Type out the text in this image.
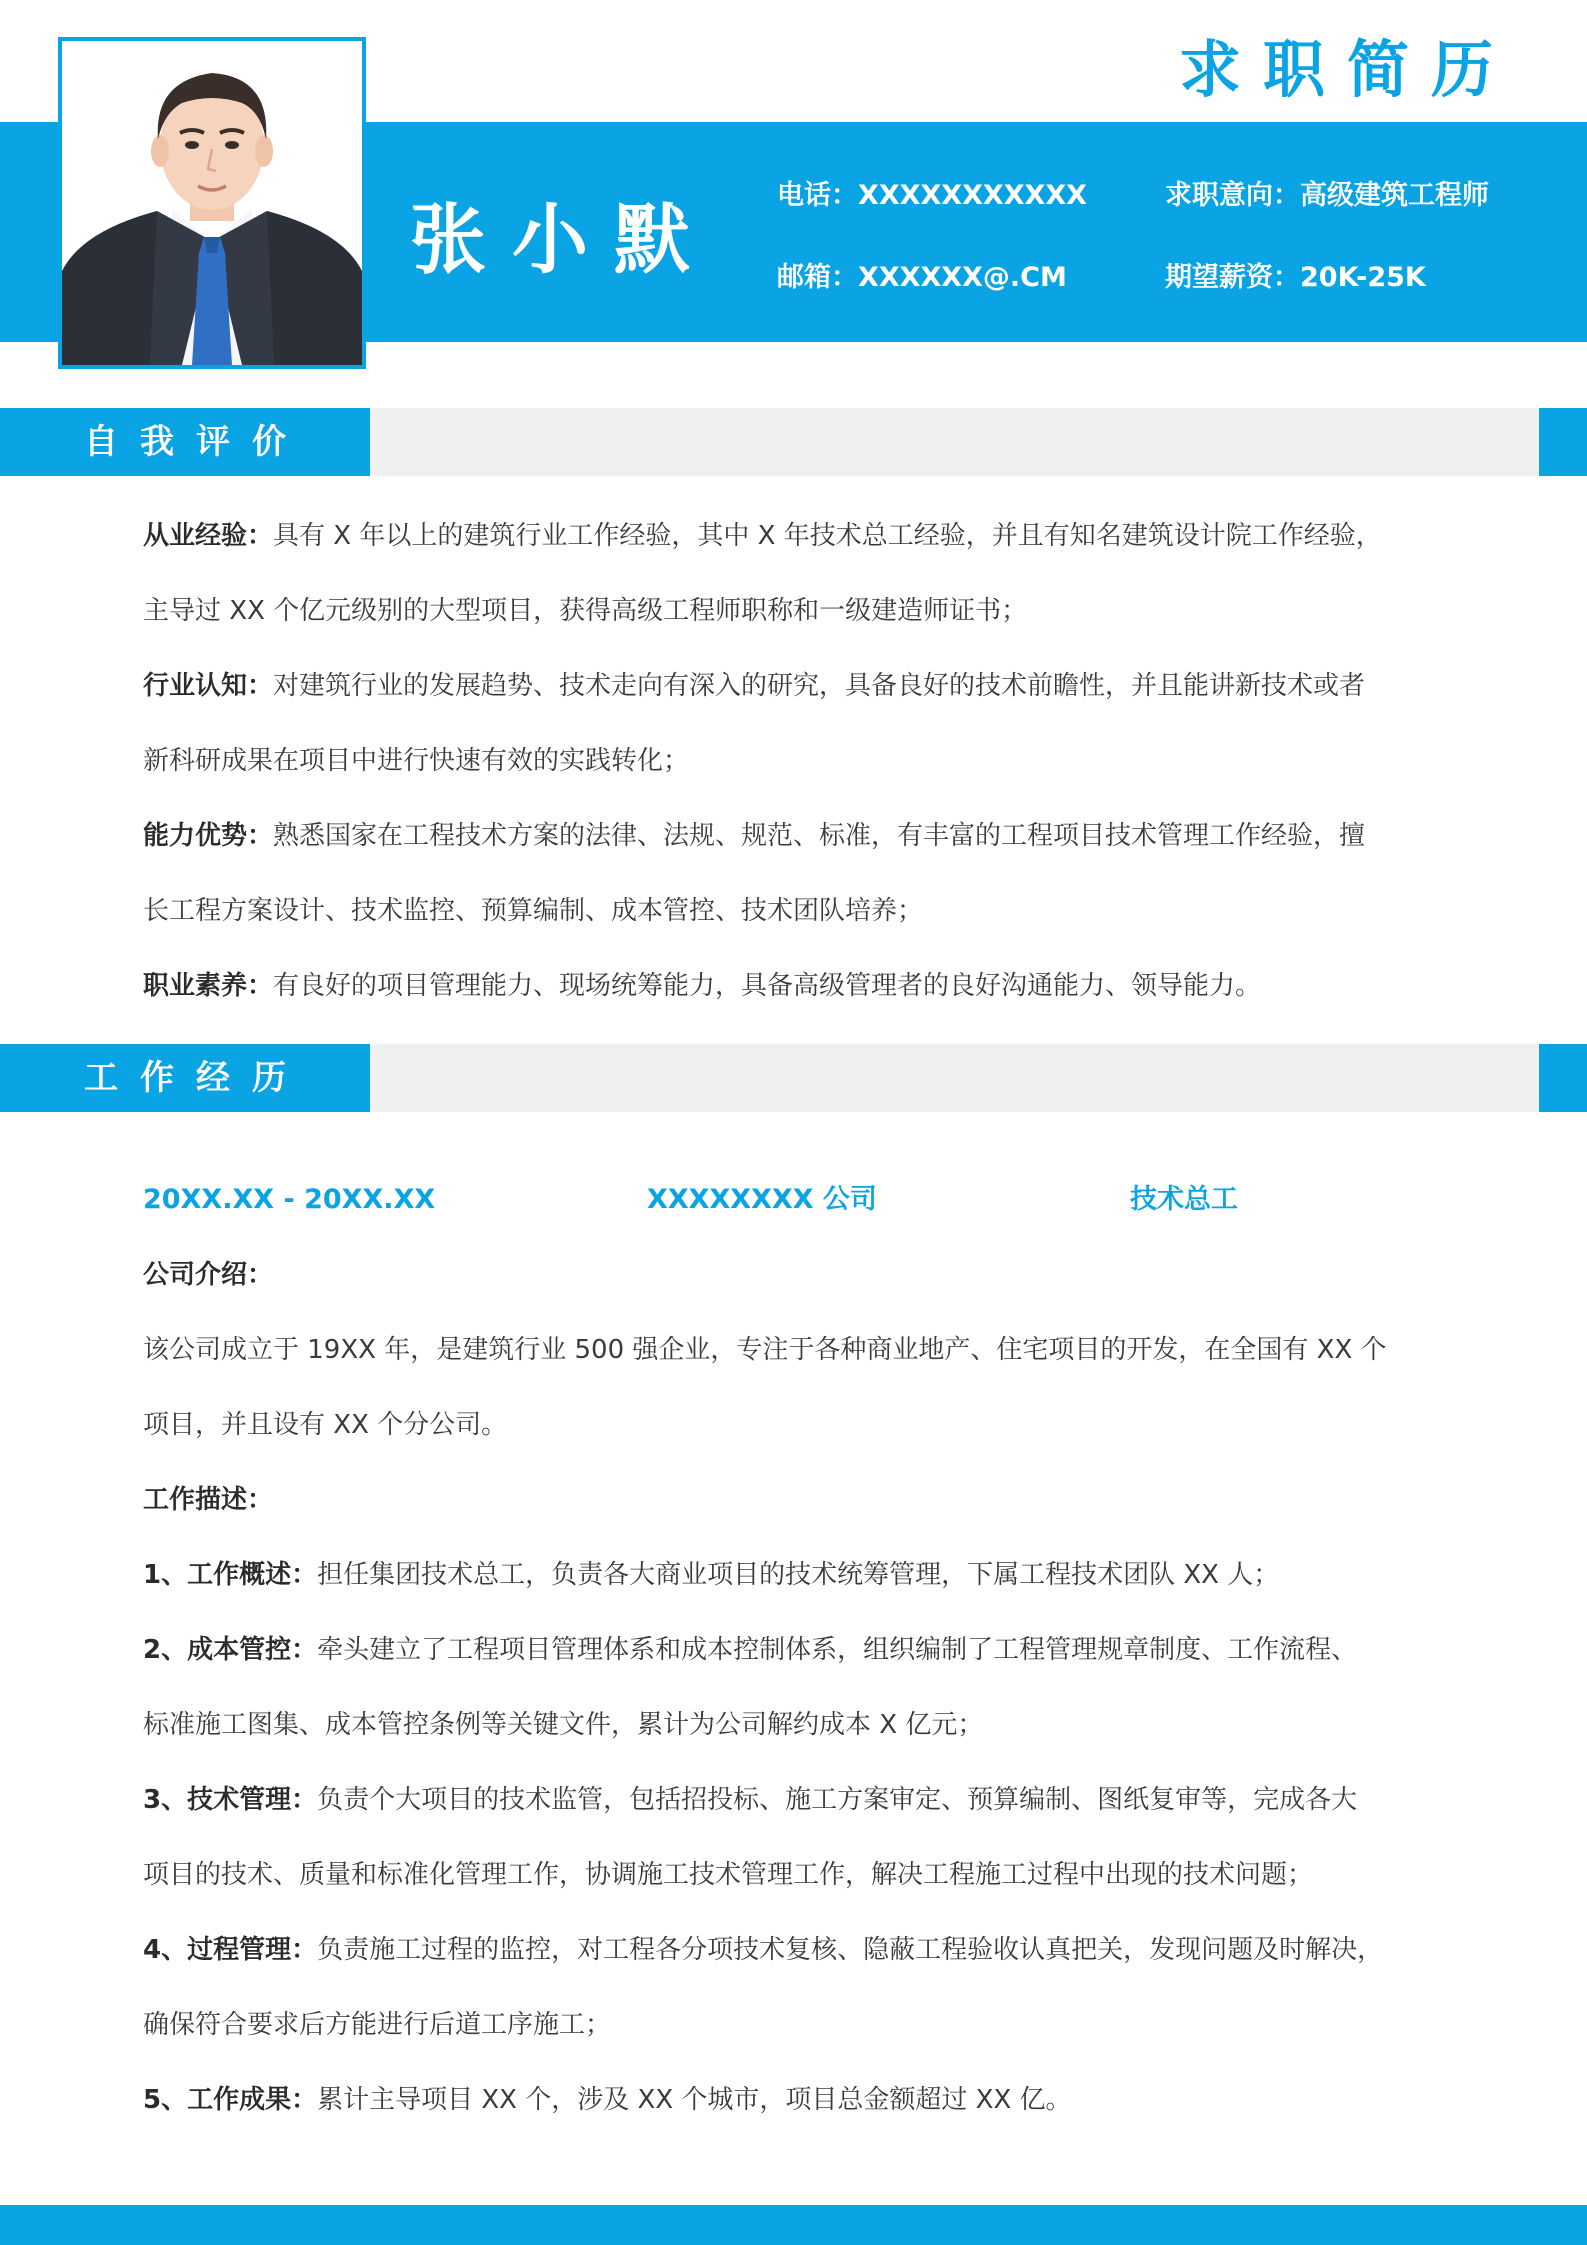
求职简历
张小默 电话：XXXXXXXXXXX
邮箱：XXXXXX@.CM
求职意向：高级建筑工程师
期望薪资：20K-25K
自我评价

从业经验：具有 X 年以上的建筑行业工作经验，其中 X 年技术总工经验，并且有知名建筑设计院工作经验，

主导过 XX 个亿元级别的大型项目，获得高级工程师职称和一级建造师证书；

行业认知：对建筑行业的发展趋势、技术走向有深入的研究，具备良好的技术前瞻性，并且能讲新技术或者

新科研成果在项目中进行快速有效的实践转化；

能力优势：熟悉国家在工程技术方案的法律、法规、规范、标准，有丰富的工程项目技术管理工作经验，擅

长工程方案设计、技术监控、预算编制、成本管控、技术团队培养；

职业素养：有良好的项目管理能力、现场统筹能力，具备高级管理者的良好沟通能力、领导能力。

工作经历
20XX.XX - 20XX.XX	XXXXXXXX 公司	技术总工

公司介绍：

该公司成立于 19XX 年，是建筑行业 500 强企业，专注于各种商业地产、住宅项目的开发，在全国有 XX 个

项目，并且设有 XX 个分公司。

工作描述：

1、工作概述：担任集团技术总工，负责各大商业项目的技术统筹管理，下属工程技术团队 XX 人；

2、成本管控：牵头建立了工程项目管理体系和成本控制体系，组织编制了工程管理规章制度、工作流程、

标准施工图集、成本管控条例等关键文件，累计为公司解约成本 X 亿元；

3、技术管理：负责个大项目的技术监管，包括招投标、施工方案审定、预算编制、图纸复审等，完成各大

项目的技术、质量和标准化管理工作，协调施工技术管理工作，解决工程施工过程中出现的技术问题；

4、过程管理：负责施工过程的监控，对工程各分项技术复核、隐蔽工程验收认真把关，发现问题及时解决，

确保符合要求后方能进行后道工序施工；

5、工作成果：累计主导项目 XX 个，涉及 XX 个城市，项目总金额超过 XX 亿。
